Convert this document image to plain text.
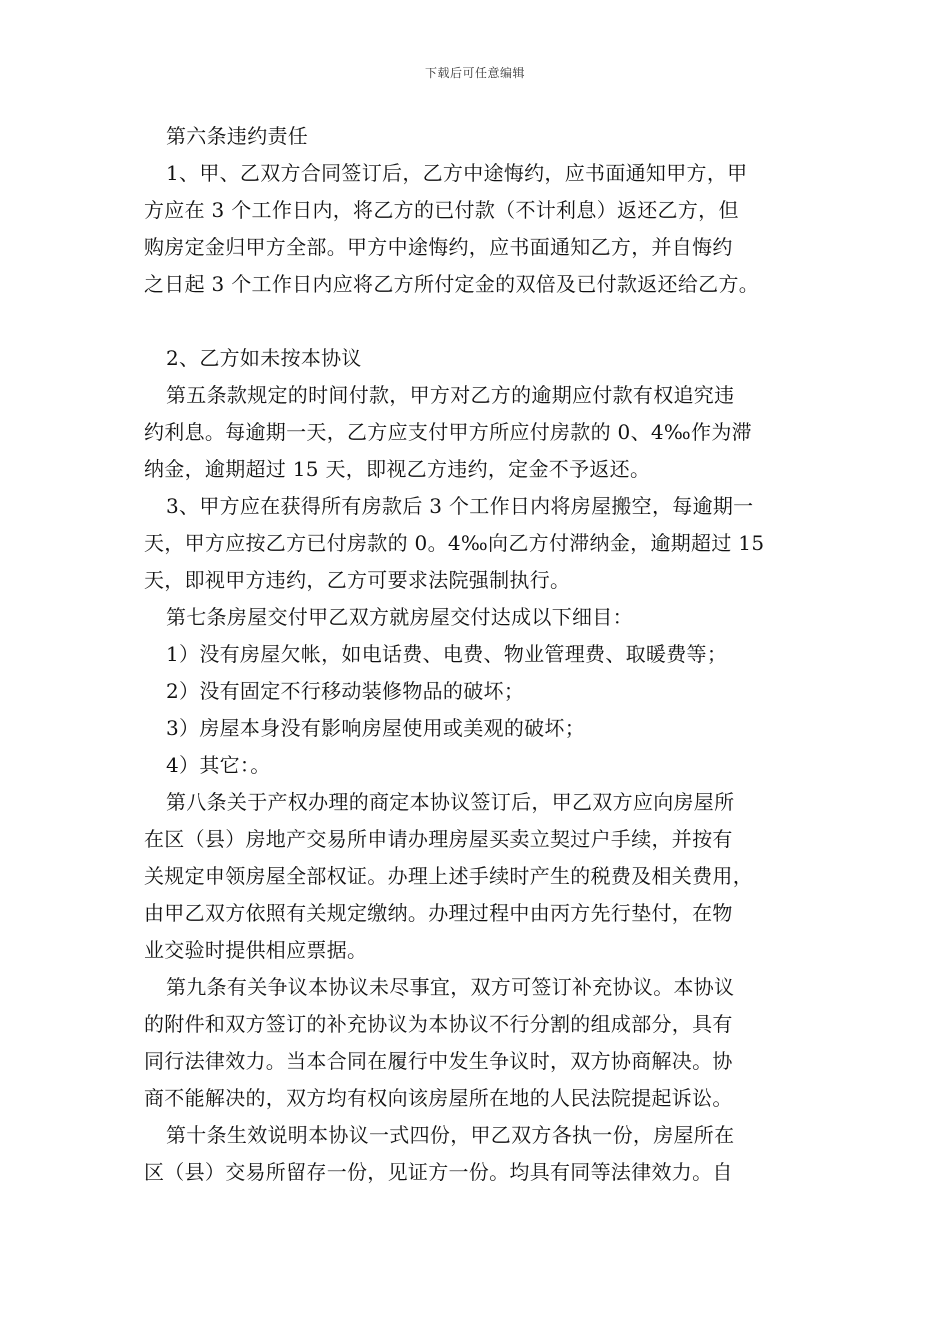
下载后可任意编辑
第六条违约责任
1、甲、乙双方合同签订后，乙方中途悔约，应书面通知甲方，甲
方应在 3 个工作日内，将乙方的已付款（不计利息）返还乙方，但
购房定金归甲方全部。甲方中途悔约，应书面通知乙方，并自悔约
之日起 3 个工作日内应将乙方所付定金的双倍及已付款返还给乙方。
2、乙方如未按本协议
第五条款规定的时间付款，甲方对乙方的逾期应付款有权追究违
约利息。每逾期一天，乙方应支付甲方所应付房款的 0、4‰作为滞
纳金，逾期超过 15 天，即视乙方违约，定金不予返还。
3、甲方应在获得所有房款后 3 个工作日内将房屋搬空，每逾期一
天，甲方应按乙方已付房款的 0。4‰向乙方付滞纳金，逾期超过 15
天，即视甲方违约，乙方可要求法院强制执行。
第七条房屋交付甲乙双方就房屋交付达成以下细目：
1）没有房屋欠帐，如电话费、电费、物业管理费、取暖费等；
2）没有固定不行移动装修物品的破坏；
3）房屋本身没有影响房屋使用或美观的破坏；
4）其它：。
第八条关于产权办理的商定本协议签订后，甲乙双方应向房屋所
在区（县）房地产交易所申请办理房屋买卖立契过户手续，并按有
关规定申领房屋全部权证。办理上述手续时产生的税费及相关费用，
由甲乙双方依照有关规定缴纳。办理过程中由丙方先行垫付，在物
业交验时提供相应票据。
第九条有关争议本协议未尽事宜，双方可签订补充协议。本协议
的附件和双方签订的补充协议为本协议不行分割的组成部分，具有
同行法律效力。当本合同在履行中发生争议时，双方协商解决。协
商不能解决的，双方均有权向该房屋所在地的人民法院提起诉讼。
第十条生效说明本协议一式四份，甲乙双方各执一份，房屋所在
区（县）交易所留存一份，见证方一份。均具有同等法律效力。自
